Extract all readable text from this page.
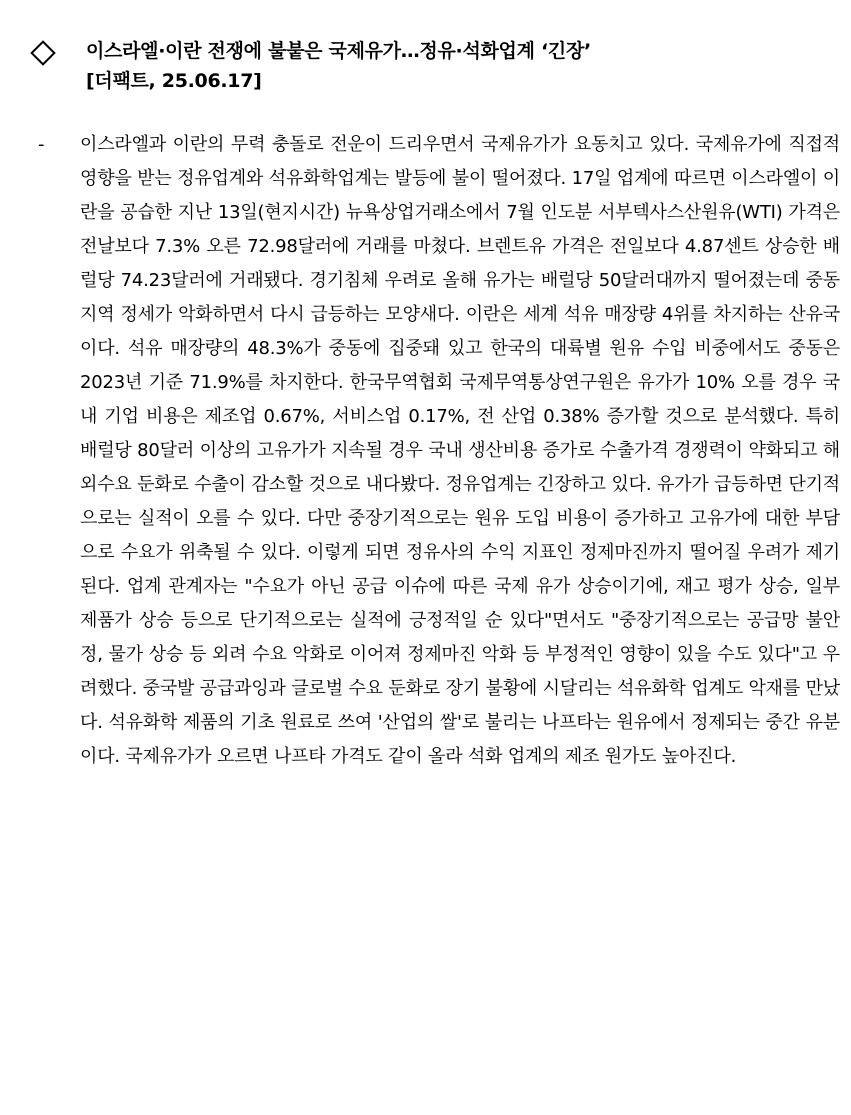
이스라엘·이란 전쟁에 불붙은 국제유가…정유·석화업계 ‘긴장’
[더팩트, 25.06.17]
-	이스라엘과 이란의 무력 충돌로 전운이 드리우면서 국제유가가 요동치고 있다. 국제유가에 직접적 영향을 받는 정유업계와 석유화학업계는 발등에 불이 떨어졌다. 17일 업계에 따르면 이스라엘이 이란을 공습한 지난 13일(현지시간) 뉴욕상업거래소에서 7월 인도분 서부텍사스산원유(WTI) 가격은 전날보다 7.3% 오른 72.98달러에 거래를 마쳤다. 브렌트유 가격은 전일보다 4.87센트 상승한 배럴당 74.23달러에 거래됐다. 경기침체 우려로 올해 유가는 배럴당 50달러대까지 떨어졌는데 중동 지역 정세가 악화하면서 다시 급등하는 모양새다. 이란은 세계 석유 매장량 4위를 차지하는 산유국이다. 석유 매장량의 48.3%가 중동에 집중돼 있고 한국의 대륙별 원유 수입 비중에서도 중동은 2023년 기준 71.9%를 차지한다. 한국무역협회 국제무역통상연구원은 유가가 10% 오를 경우 국내 기업 비용은 제조업 0.67%, 서비스업 0.17%, 전 산업 0.38% 증가할 것으로 분석했다. 특히 배럴당 80달러 이상의 고유가가 지속될 경우 국내 생산비용 증가로 수출가격 경쟁력이 약화되고 해외수요 둔화로 수출이 감소할 것으로 내다봤다. 정유업계는 긴장하고 있다. 유가가 급등하면 단기적으로는 실적이 오를 수 있다. 다만 중장기적으로는 원유 도입 비용이 증가하고 고유가에 대한 부담으로 수요가 위축될 수 있다. 이렇게 되면 정유사의 수익 지표인 정제마진까지 떨어질 우려가 제기된다. 업계 관계자는 "수요가 아닌 공급 이슈에 따른 국제 유가 상승이기에, 재고 평가 상승, 일부 제품가 상승 등으로 단기적으로는 실적에 긍정적일 순 있다"면서도 "중장기적으로는 공급망 불안정, 물가 상승 등 외려 수요 악화로 이어져 정제마진 악화 등 부정적인 영향이 있을 수도 있다"고 우려했다. 중국발 공급과잉과 글로벌 수요 둔화로 장기 불황에 시달리는 석유화학 업계도 악재를 만났다. 석유화학 제품의 기초 원료로 쓰여 '산업의 쌀'로 불리는 나프타는 원유에서 정제되는 중간 유분이다. 국제유가가 오르면 나프타 가격도 같이 올라 석화 업계의 제조 원가도 높아진다.
